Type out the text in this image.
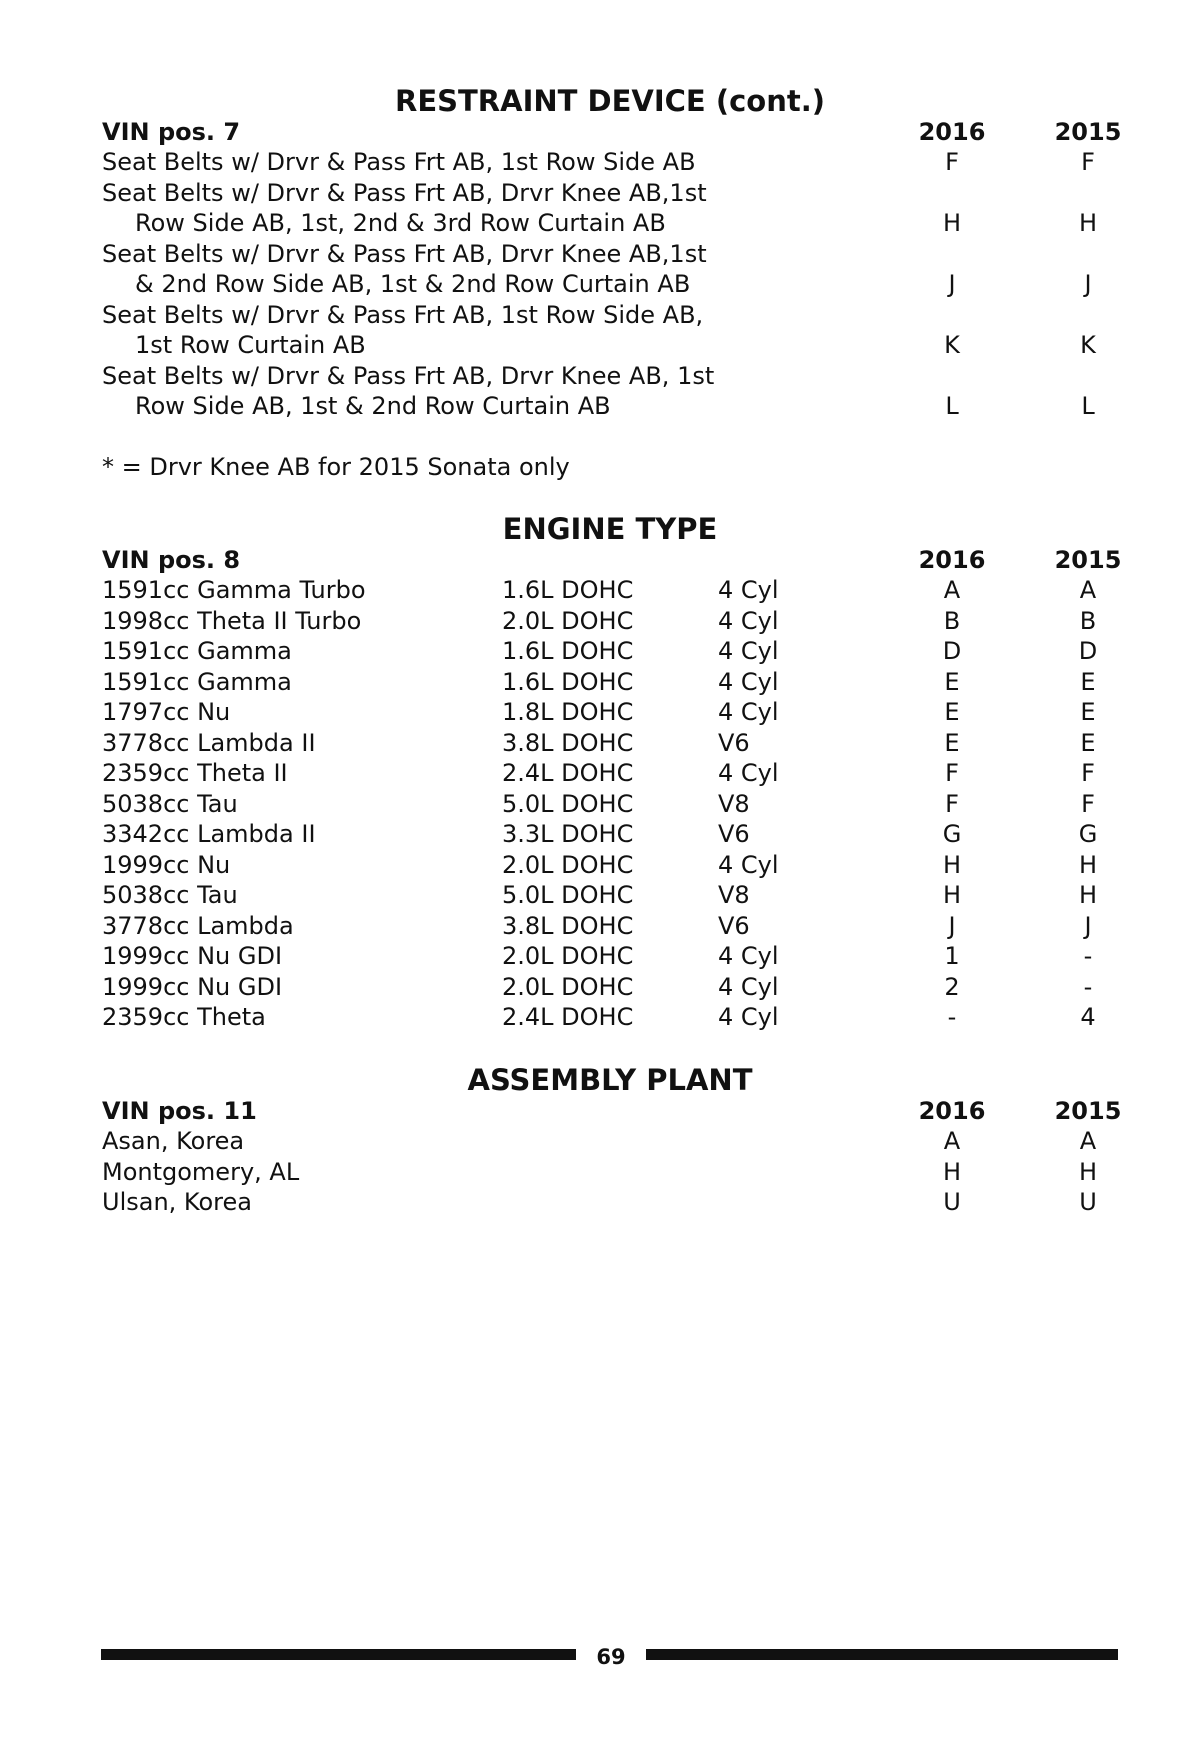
RESTRAINT DEVICE (cont.)
VIN pos. 7	2016	2015
Seat Belts w/ Drvr & Pass Frt AB, 1st Row Side AB	F	F
Seat Belts w/ Drvr & Pass Frt AB, Drvr Knee AB,1st
Row Side AB, 1st, 2nd & 3rd Row Curtain AB	H	H
Seat Belts w/ Drvr & Pass Frt AB, Drvr Knee AB,1st
& 2nd Row Side AB, 1st & 2nd Row Curtain AB	J	J
Seat Belts w/ Drvr & Pass Frt AB, 1st Row Side AB,
1st Row Curtain AB	K	K
Seat Belts w/ Drvr & Pass Frt AB, Drvr Knee AB, 1st
Row Side AB, 1st & 2nd Row Curtain AB	L	L
* = Drvr Knee AB for 2015 Sonata only
ENGINE TYPE
VIN pos. 8	2016	2015
1591cc Gamma Turbo	1.6L DOHC	4 Cyl	A	A
1998cc Theta II Turbo	2.0L DOHC	4 Cyl	B	B
1591cc Gamma	1.6L DOHC	4 Cyl	D	D
1591cc Gamma	1.6L DOHC	4 Cyl	E	E
1797cc Nu	1.8L DOHC	4 Cyl	E	E
3778cc Lambda II	3.8L DOHC	V6	E	E
2359cc Theta II	2.4L DOHC	4 Cyl	F	F
5038cc Tau	5.0L DOHC	V8	F	F
3342cc Lambda II	3.3L DOHC	V6	G	G
1999cc Nu	2.0L DOHC	4 Cyl	H	H
5038cc Tau	5.0L DOHC	V8	H	H
3778cc Lambda	3.8L DOHC	V6	J	J
1999cc Nu GDI	2.0L DOHC	4 Cyl	1	-
1999cc Nu GDI	2.0L DOHC	4 Cyl	2	-
2359cc Theta	2.4L DOHC	4 Cyl	-	4
ASSEMBLY PLANT
VIN pos. 11	2016	2015
Asan, Korea	A	A
Montgomery, AL	H	H
Ulsan, Korea	U	U
69
